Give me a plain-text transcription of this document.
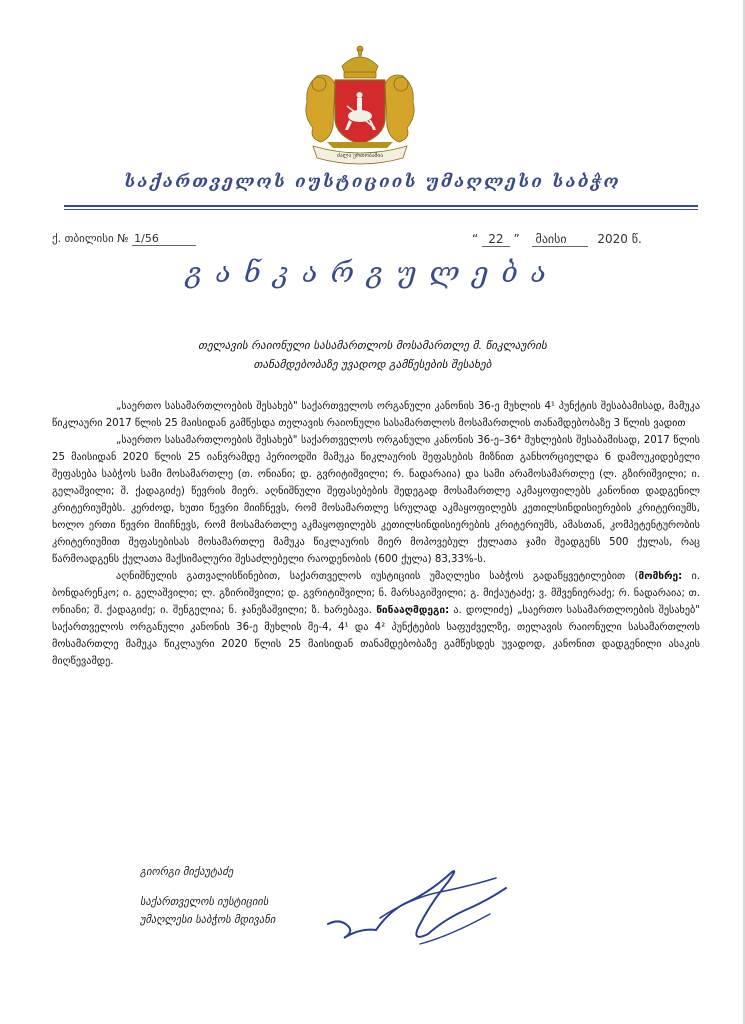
ძალა ერთობაშია
საქართველოს იუსტიციის უმაღლესი საბჭო
ქ. თბილისი № 1/56	“ 22 ” მაისი	2020 წ.
განკარგულება
თელავის რაიონული სასამართლოს მოსამართლე მ. წიკლაურის
თანამდებობაზე უვადოდ გამწესების შესახებ

„საერთო სასამართლოების შესახებ" საქართველოს ორგანული კანონის 36-ე მუხლის 4¹ პუნქტის შესაბამისად, მამუკა წიკლაური 2017 წლის 25 მაისიდან გამწესდა თელავის რაიონული სასამართლოს მოსამართლის თანამდებობაზე 3 წლის ვადით

„საერთო სასამართლოების შესახებ" საქართველოს ორგანული კანონის 36-ე–36⁴ მუხლების შესაბამისად, 2017 წლის 25 მაისიდან 2020 წლის 25 იანვრამდე პერიოდში მამუკა წიკლაურის შეფასების მიზნით განხორციელდა 6 დამოუკიდებელი შეფასება საბჭოს სამი მოსამართლე (თ. ონიანი; დ. გვრიტიშვილი; რ. ნადარაია) და სამი არამოსამართლე (ლ. გზირიშვილი; ი. გელაშვილი; შ. ქადაგიძე) წევრის მიერ. აღნიშნული შეფასებების შედეგად მოსამართლე აკმაყოფილებს კანონით დადგენილ კრიტერიუმებს. კერძოდ, ხუთი წევრი მიიჩნევს, რომ მოსამართლე სრულად აკმაყოფილებს კეთილსინდისიერების კრიტერიუმს, ხოლო ერთი წევრი მიიჩნევს, რომ მოსამართლე აკმაყოფილებს კეთილსინდისიერების კრიტერიუმს, ამასთან, კომპეტენტურობის კრიტერიუმით შეფასებისას მოსამართლე მამუკა წიკლაურის მიერ მოპოვებულ ქულათა ჯამი შეადგენს 500 ქულას, რაც წარმოადგენს ქულათა მაქსიმალური შესაძლებელი რაოდენობის (600 ქულა) 83,33%-ს.

აღნიშნულის გათვალისწინებით, საქართველოს იუსტიციის უმაღლესი საბჭოს გადაწყვეტილებით (მომხრე: ი. ბონდარენკო; ი. გელაშვილი; ლ. გზირიშვილი; დ. გვრიტიშვილი; ნ. მარსაგიშვილი; გ. მიქაუტაძე; ვ. მშვენიერაძე; რ. ნადარაია; თ. ონიანი; შ. ქადაგიძე; ი. შენგელია; ნ. ჯანეზაშვილი; ზ. ხარებავა. წინააღმდეგი: ა. დოლიძე) „საერთო სასამართლოების შესახებ" საქართველოს ორგანული კანონის 36-ე მუხლის მე-4, 4¹ და 4² პუნქტების საფუძველზე, თელავის რაიონული სასამართლოს მოსამართლე მამუკა წიკლაური 2020 წლის 25 მაისიდან თანამდებობაზე გამწესდეს უვადოდ, კანონით დადგენილი ასაკის მიღწევამდე.

გიორგი მიქაუტაძე
საქართველოს იუსტიციის
უმაღლესი საბჭოს მდივანი
